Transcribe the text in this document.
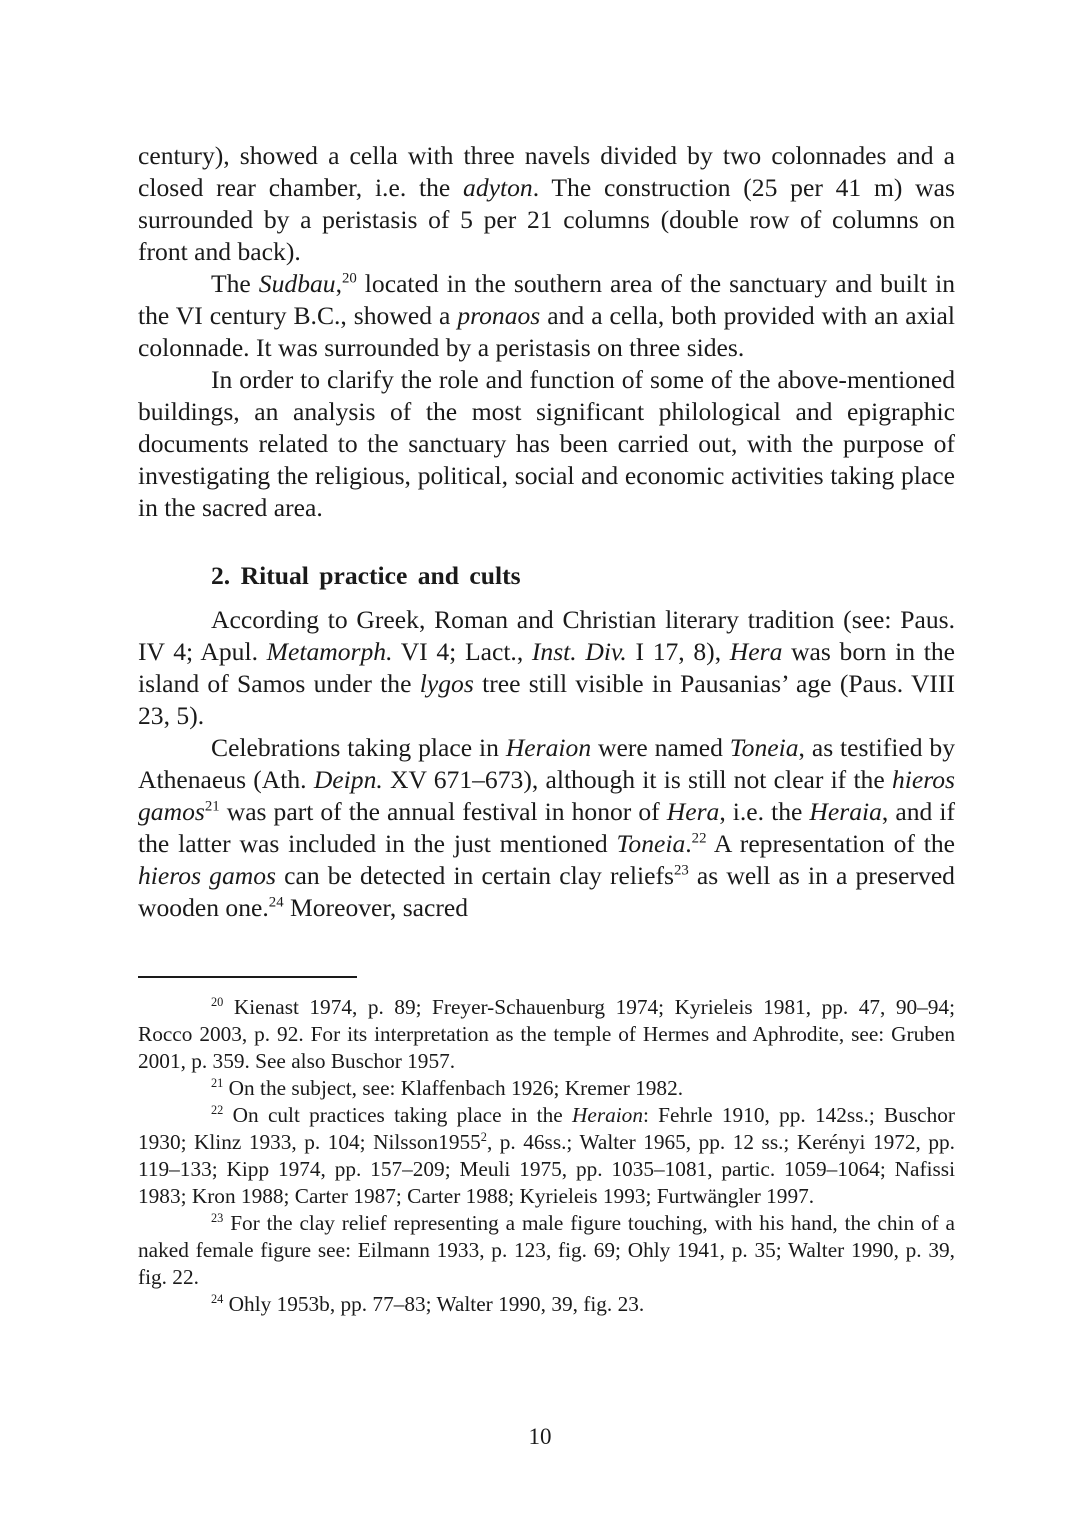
century), showed a cella with three navels divided by two colonnades and a closed rear chamber, i.e. the adyton. The construction (25 per 41 m) was surrounded by a peristasis of 5 per 21 columns (double row of columns on front and back).

The Sudbau,$^{20}$ located in the southern area of the sanctuary and built in the VI century B.C., showed a pronaos and a cella, both provided with an axial colonnade. It was surrounded by a peristasis on three sides.

In order to clarify the role and function of some of the above-mentioned buildings, an analysis of the most significant philological and epigraphic documents related to the sanctuary has been carried out, with the purpose of investigating the religious, political, social and economic activities taking place in the sacred area.

2. Ritual practice and cults

According to Greek, Roman and Christian literary tradition (see: Paus. IV 4; Apul. Metamorph. VI 4; Lact., Inst. Div. I 17, 8), Hera was born in the island of Samos under the lygos tree still visible in Pausanias’ age (Paus. VIII 23, 5).

Celebrations taking place in Heraion were named Toneia, as testified by Athenaeus (Ath. Deipn. XV 671–673), although it is still not clear if the hieros gamos$^{21}$ was part of the annual festival in honor of Hera, i.e. the Heraia, and if the latter was included in the just mentioned Toneia.$^{22}$ A representation of the hieros gamos can be detected in certain clay reliefs$^{23}$ as well as in a preserved wooden one.$^{24}$ Moreover, sacred

$^{20}$ Kienast 1974, p. 89; Freyer-Schauenburg 1974; Kyrieleis 1981, pp. 47, 90–94; Rocco 2003, p. 92. For its interpretation as the temple of Hermes and Aphrodite, see: Gruben 2001, p. 359. See also Buschor 1957.

$^{21}$ On the subject, see: Klaffenbach 1926; Kremer 1982.

$^{22}$ On cult practices taking place in the Heraion: Fehrle 1910, pp. 142ss.; Buschor 1930; Klinz 1933, p. 104; Nilsson1955$^2$, p. 46ss.; Walter 1965, pp. 12 ss.; Kerényi 1972, pp. 119–133; Kipp 1974, pp. 157–209; Meuli 1975, pp. 1035–1081, partic. 1059–1064; Nafissi 1983; Kron 1988; Carter 1987; Carter 1988; Kyrieleis 1993; Furtwängler 1997.

$^{23}$ For the clay relief representing a male figure touching, with his hand, the chin of a naked female figure see: Eilmann 1933, p. 123, fig. 69; Ohly 1941, p. 35; Walter 1990, p. 39, fig. 22.

$^{24}$ Ohly 1953b, pp. 77–83; Walter 1990, 39, fig. 23.

10
